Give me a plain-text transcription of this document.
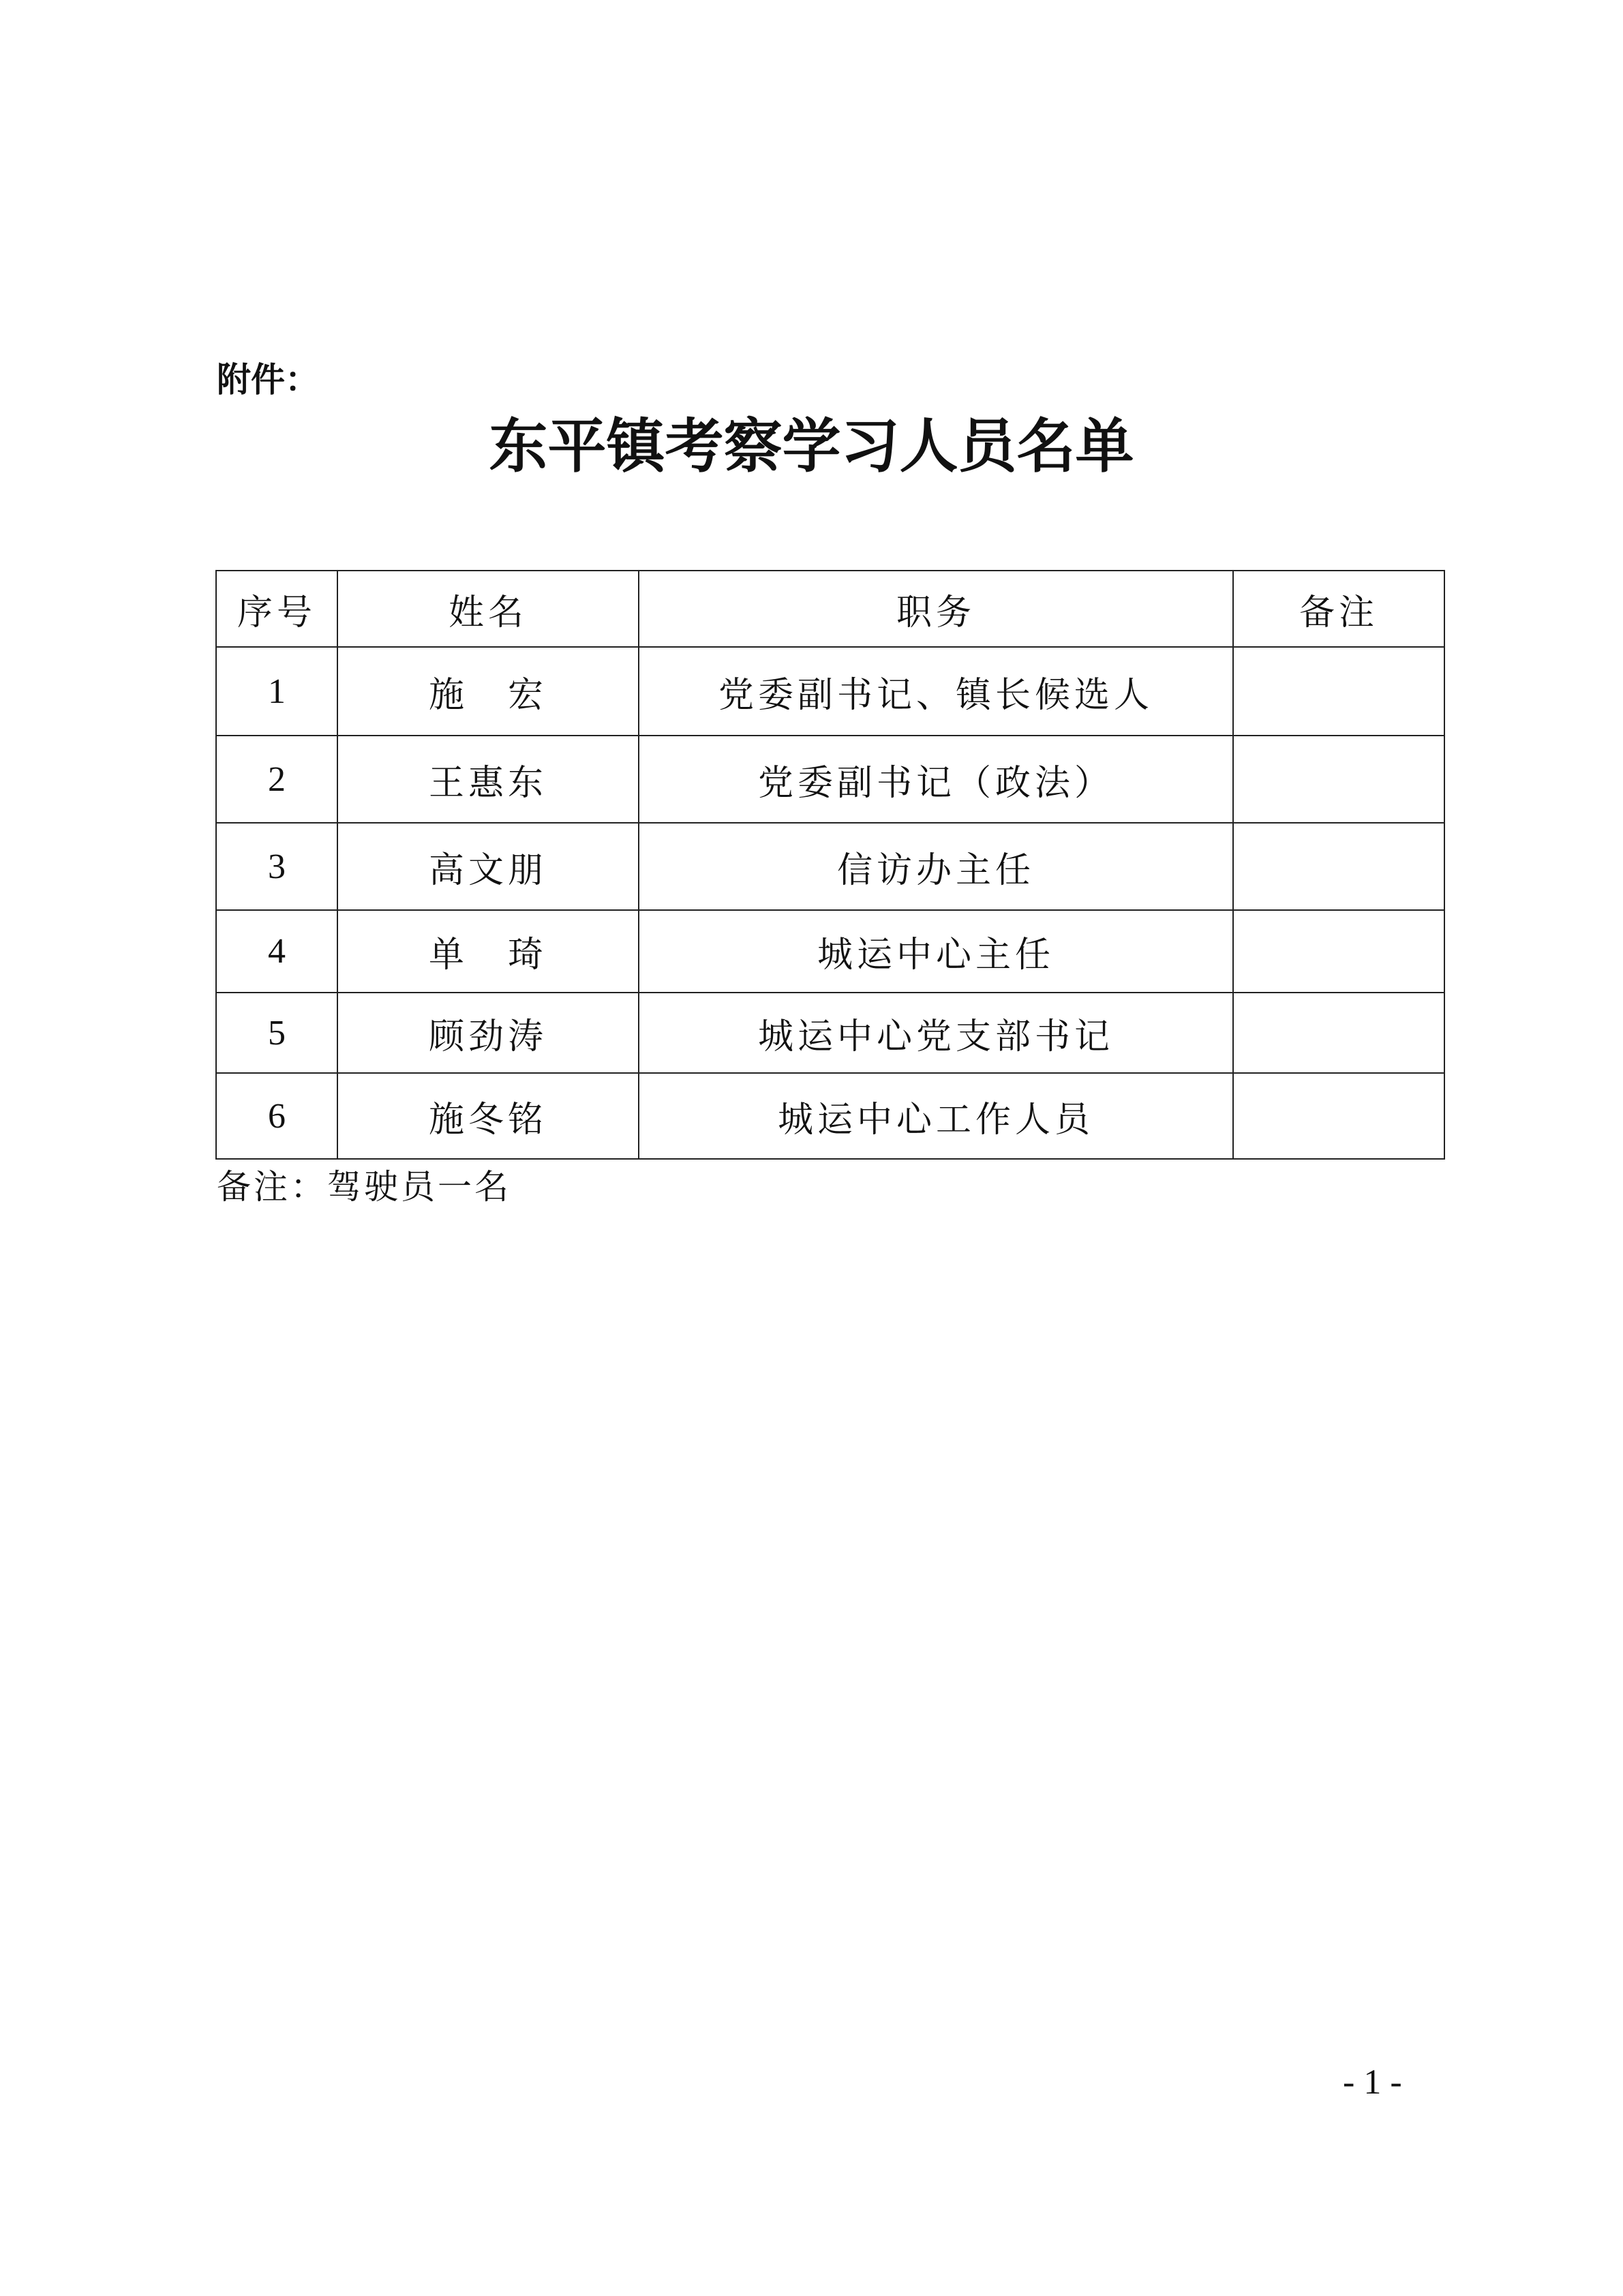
附件：
东平镇考察学习人员名单
序号	姓名	职务	备注
1	施　宏	党委副书记、镇长候选人	
2	王惠东	党委副书记（政法）	
3	高文朋	信访办主任	
4	单　琦	城运中心主任	
5	顾劲涛	城运中心党支部书记	
6	施冬铭	城运中心工作人员	
备注：驾驶员一名
- 1 -
